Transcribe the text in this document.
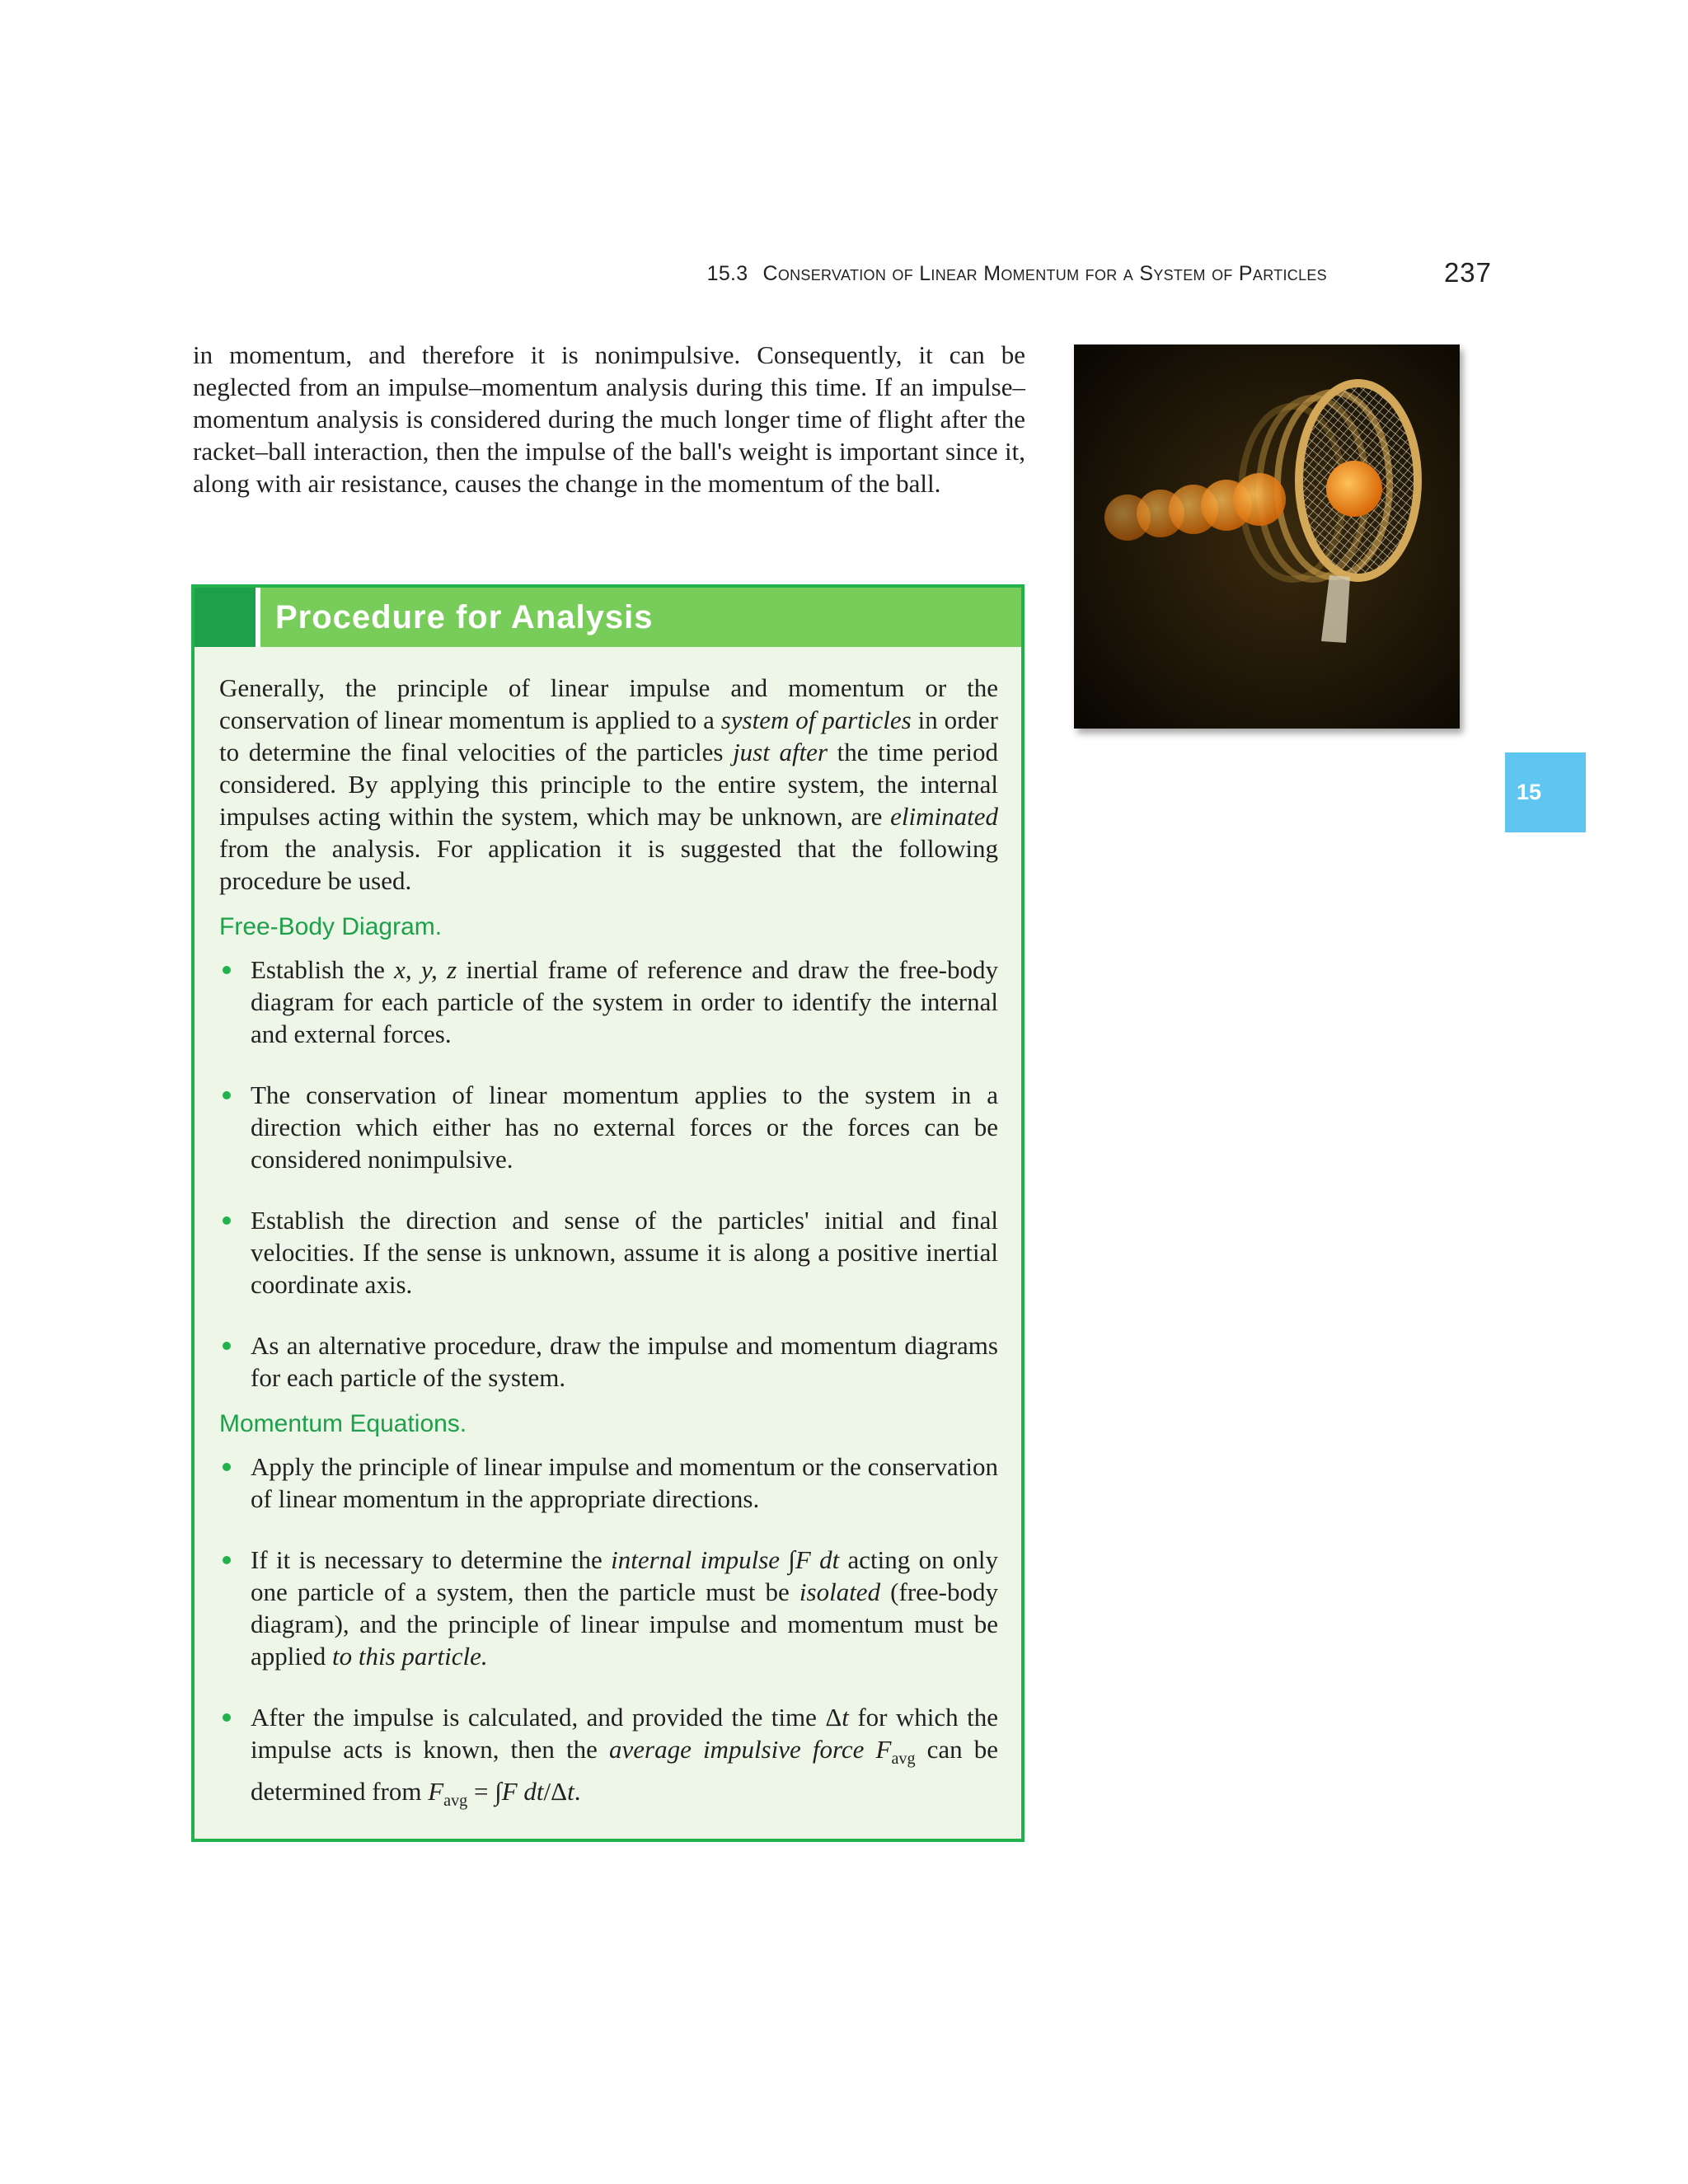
15.3 Conservation of Linear Momentum for a System of Particles	237

in momentum, and therefore it is nonimpulsive. Consequently, it can be neglected from an impulse–momentum analysis during this time. If an impulse–momentum analysis is considered during the much longer time of flight after the racket–ball interaction, then the impulse of the ball's weight is important since it, along with air resistance, causes the change in the momentum of the ball.

15
Procedure for Analysis

Generally, the principle of linear impulse and momentum or the conservation of linear momentum is applied to a system of particles in order to determine the final velocities of the particles just after the time period considered. By applying this principle to the entire system, the internal impulses acting within the system, which may be unknown, are eliminated from the analysis. For application it is suggested that the following procedure be used.

Free-Body Diagram.

Establish the x, y, z inertial frame of reference and draw the free-body diagram for each particle of the system in order to identify the internal and external forces.
The conservation of linear momentum applies to the system in a direction which either has no external forces or the forces can be considered nonimpulsive.
Establish the direction and sense of the particles' initial and final velocities. If the sense is unknown, assume it is along a positive inertial coordinate axis.
As an alternative procedure, draw the impulse and momentum diagrams for each particle of the system.

Momentum Equations.

Apply the principle of linear impulse and momentum or the conservation of linear momentum in the appropriate directions.
If it is necessary to determine the internal impulse ∫F dt acting on only one particle of a system, then the particle must be isolated (free-body diagram), and the principle of linear impulse and momentum must be applied to this particle.
After the impulse is calculated, and provided the time Δt for which the impulse acts is known, then the average impulsive force $F_{avg}$ can be determined from $F_{avg} = \int F$ dt/Δt.
